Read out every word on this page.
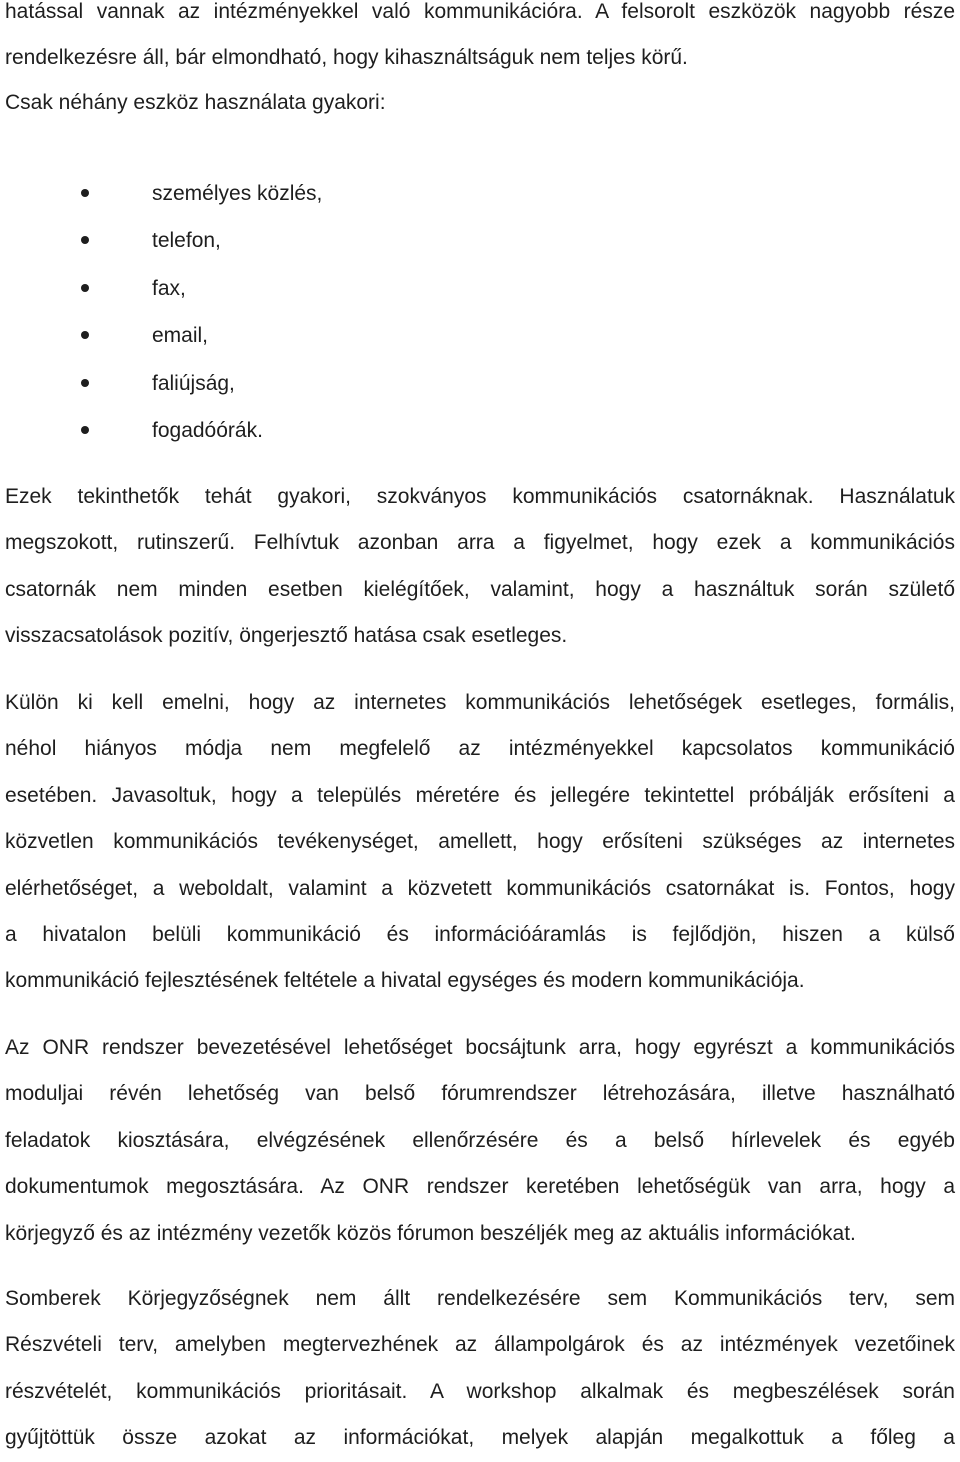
hatással vannak az intézményekkel való kommunikációra. A felsorolt eszközök nagyobb része
rendelkezésre áll, bár elmondható, hogy kihasználtságuk nem teljes körű.
Csak néhány eszköz használata gyakori:
személyes közlés,
telefon,
fax,
email,
faliújság,
fogadóórák.
Ezek tekinthetők tehát gyakori, szokványos kommunikációs csatornáknak. Használatuk
megszokott, rutinszerű. Felhívtuk azonban arra a figyelmet, hogy ezek a kommunikációs
csatornák nem minden esetben kielégítőek, valamint, hogy a használtuk során születő
visszacsatolások pozitív, öngerjesztő hatása csak esetleges.
Külön ki kell emelni, hogy az internetes kommunikációs lehetőségek esetleges, formális,
néhol hiányos módja nem megfelelő az intézményekkel kapcsolatos kommunikáció
esetében. Javasoltuk, hogy a település méretére és jellegére tekintettel próbálják erősíteni a
közvetlen kommunikációs tevékenységet, amellett, hogy erősíteni szükséges az internetes
elérhetőséget, a weboldalt, valamint a közvetett kommunikációs csatornákat is. Fontos, hogy
a hivatalon belüli kommunikáció és információáramlás is fejlődjön, hiszen a külső
kommunikáció fejlesztésének feltétele a hivatal egységes és modern kommunikációja.
Az ONR rendszer bevezetésével lehetőséget bocsájtunk arra, hogy egyrészt a kommunikációs
moduljai révén lehetőség van belső fórumrendszer létrehozására, illetve használható
feladatok kiosztására, elvégzésének ellenőrzésére és a belső hírlevelek és egyéb
dokumentumok megosztására. Az ONR rendszer keretében lehetőségük van arra, hogy a
körjegyző és az intézmény vezetők közös fórumon beszéljék meg az aktuális információkat.
Somberek Körjegyzőségnek nem állt rendelkezésére sem Kommunikációs terv, sem
Részvételi terv, amelyben megtervezhének az állampolgárok és az intézmények vezetőinek
részvételét, kommunikációs prioritásait. A workshop alkalmak és megbeszélések során
gyűjtöttük össze azokat az információkat, melyek alapján megalkottuk a főleg a
